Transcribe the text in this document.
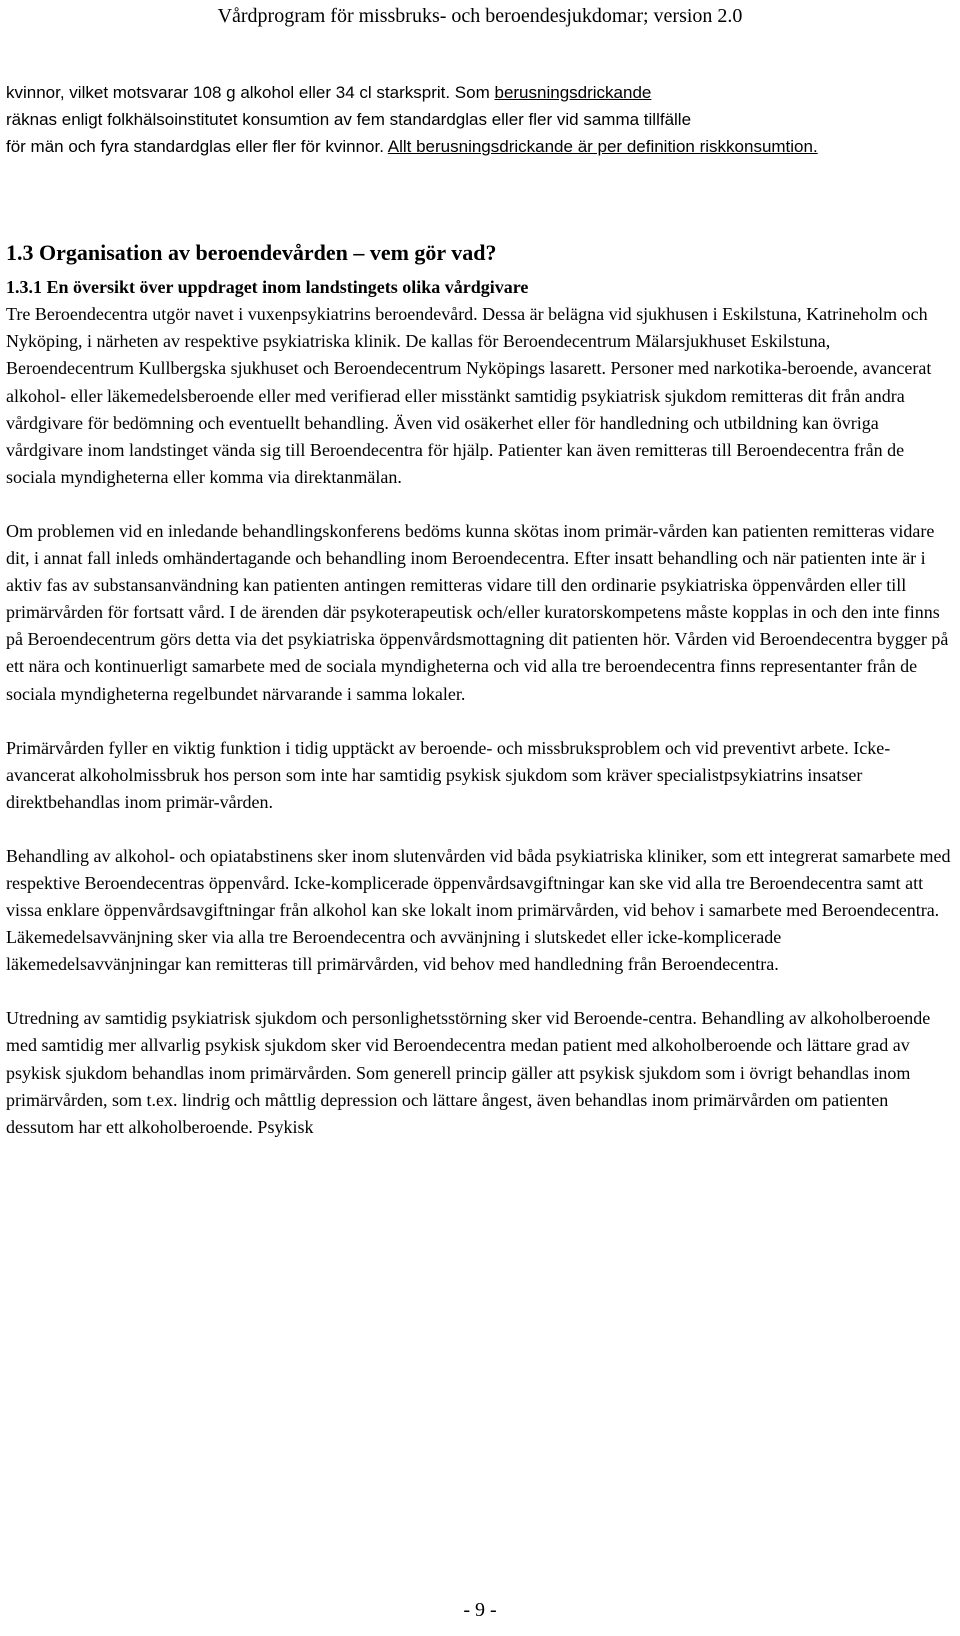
Vårdprogram för missbruks- och beroendesjukdomar; version 2.0

kvinnor, vilket motsvarar 108 g alkohol eller 34 cl starksprit. Som berusningsdrickande

räknas enligt folkhälsoinstitutet konsumtion av fem standardglas eller fler vid samma tillfälle

för män och fyra standardglas eller fler för kvinnor. Allt berusningsdrickande är per definition riskkonsumtion.

1.3 Organisation av beroendevården – vem gör vad?
1.3.1 En översikt över uppdraget inom landstingets olika vårdgivare

Tre Beroendecentra utgör navet i vuxenpsykiatrins beroendevård. Dessa är belägna vid sjukhusen i Eskilstuna, Katrineholm och Nyköping, i närheten av respektive psykiatriska klinik. De kallas för Beroendecentrum Mälarsjukhuset Eskilstuna, Beroendecentrum Kullbergska sjukhuset och Beroendecentrum Nyköpings lasarett. Personer med narkotika-beroende, avancerat alkohol- eller läkemedelsberoende eller med verifierad eller misstänkt samtidig psykiatrisk sjukdom remitteras dit från andra vårdgivare för bedömning och eventuellt behandling. Även vid osäkerhet eller för handledning och utbildning kan övriga vårdgivare inom landstinget vända sig till Beroendecentra för hjälp. Patienter kan även remitteras till Beroendecentra från de sociala myndigheterna eller komma via direktanmälan.

Om problemen vid en inledande behandlingskonferens bedöms kunna skötas inom primär-vården kan patienten remitteras vidare dit, i annat fall inleds omhändertagande och behandling inom Beroendecentra. Efter insatt behandling och när patienten inte är i aktiv fas av substansanvändning kan patienten antingen remitteras vidare till den ordinarie psykiatriska öppenvården eller till primärvården för fortsatt vård. I de ärenden där psykoterapeutisk och/eller kuratorskompetens måste kopplas in och den inte finns på Beroendecentrum görs detta via det psykiatriska öppenvårdsmottagning dit patienten hör. Vården vid Beroendecentra bygger på ett nära och kontinuerligt samarbete med de sociala myndigheterna och vid alla tre beroendecentra finns representanter från de sociala myndigheterna regelbundet närvarande i samma lokaler.

Primärvården fyller en viktig funktion i tidig upptäckt av beroende- och missbruksproblem och vid preventivt arbete. Icke-avancerat alkoholmissbruk hos person som inte har samtidig psykisk sjukdom som kräver specialistpsykiatrins insatser direktbehandlas inom primär-vården.

Behandling av alkohol- och opiatabstinens sker inom slutenvården vid båda psykiatriska kliniker, som ett integrerat samarbete med respektive Beroendecentras öppenvård. Icke-komplicerade öppenvårdsavgiftningar kan ske vid alla tre Beroendecentra samt att vissa enklare öppenvårdsavgiftningar från alkohol kan ske lokalt inom primärvården, vid behov i samarbete med Beroendecentra. Läkemedelsavvänjning sker via alla tre Beroendecentra och avvänjning i slutskedet eller icke-komplicerade läkemedelsavvänjningar kan remitteras till primärvården, vid behov med handledning från Beroendecentra.

Utredning av samtidig psykiatrisk sjukdom och personlighetsstörning sker vid Beroende-centra. Behandling av alkoholberoende med samtidig mer allvarlig psykisk sjukdom sker vid Beroendecentra medan patient med alkoholberoende och lättare grad av psykisk sjukdom behandlas inom primärvården. Som generell princip gäller att psykisk sjukdom som i övrigt behandlas inom primärvården, som t.ex. lindrig och måttlig depression och lättare ångest, även behandlas inom primärvården om patienten dessutom har ett alkoholberoende. Psykisk

- 9 -
